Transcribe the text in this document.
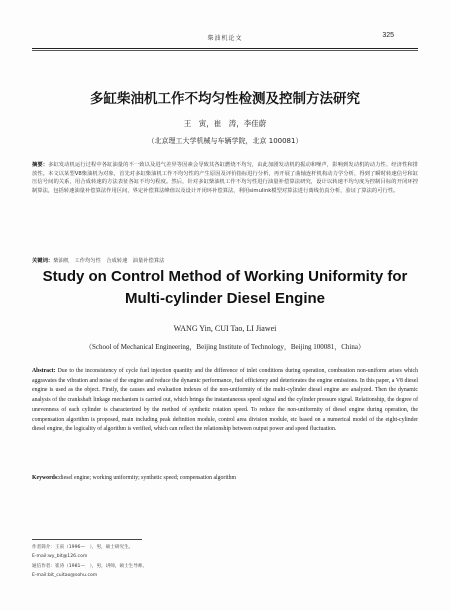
柴油机论文	325
多缸柴油机工作不均匀性检测及控制方法研究
王　寅，崔　涛，李佳蔚
（北京理工大学机械与车辆学院，北京 100081）

摘要：多缸发动机运行过程中各缸油量的不一致以及进气差异等因素会导致其各缸燃烧不均匀，由此加剧发动机的振动和噪声，影响到发动机的动力性、经济性和排放性。本文以某型V8柴油机为对象，首先对多缸柴油机工作不均匀性的产生原因及评价指标进行分析，再开展了曲轴连杆机构动力学分析，得到了瞬时转速信号和缸压信号间的关系，用合成转速的方法表征各缸不均匀程度。然后，针对多缸柴油机工作不均匀性进行油量补偿算法研究，设计以转速不均匀度为控制目标的开闭环控制算法，包括转速油量补偿算法作用区间，界定补偿算法峰值以及设计开闭环补偿算法，利用simulink模型对算法进行离线仿真分析，验证了算法的可行性。

关键词：柴油机　工作均匀性　合成转速　油量补偿算法

Study on Control Method of Working Uniformity for Multi-cylinder Diesel Engine
WANG Yin, CUI Tao, LI Jiawei
（School of Mechanical Engineering，Beijing Institute of Technology，Beijing 100081，China）

Abstract: Due to the inconsistency of cycle fuel injection quantity and the difference of inlet conditions during operation, combustion non-uniform arises which aggravates the vibration and noise of the engine and reduce the dynamic performance, fuel efficiency and deteriorates the engine emissions. In this paper, a V8 diesel engine is used as the object. Firstly, the causes and evaluation indexes of the non-uniformity of the multi-cylinder diesel engine are analyzed. Then the dynamic analysis of the crankshaft linkage mechanism is carried out, which brings the instantaneous speed signal and the cylinder pressure signal. Relationship, the degree of unevenness of each cylinder is characterized by the method of synthetic rotation speed. To reduce the non-uniformity of diesel engine during operation, the compensation algorithm is proposed, main including peak definition module, control area division module, etc based on a numerical model of the eight-cylinder diesel engine, the logicality of algorithm is verified, which can reflect the relationship between output power and speed fluctuation.

Keywords:diesel engine; working uniformity; synthetic speed; compensation algorithm

作者简介：王寅（1996—　），男，硕士研究生。
E-mail:wy_bit@126.com
通信作者：崔涛（1981—　），男，讲师，硕士生导师。
E-mail:bit_cuitao@sohu.com
